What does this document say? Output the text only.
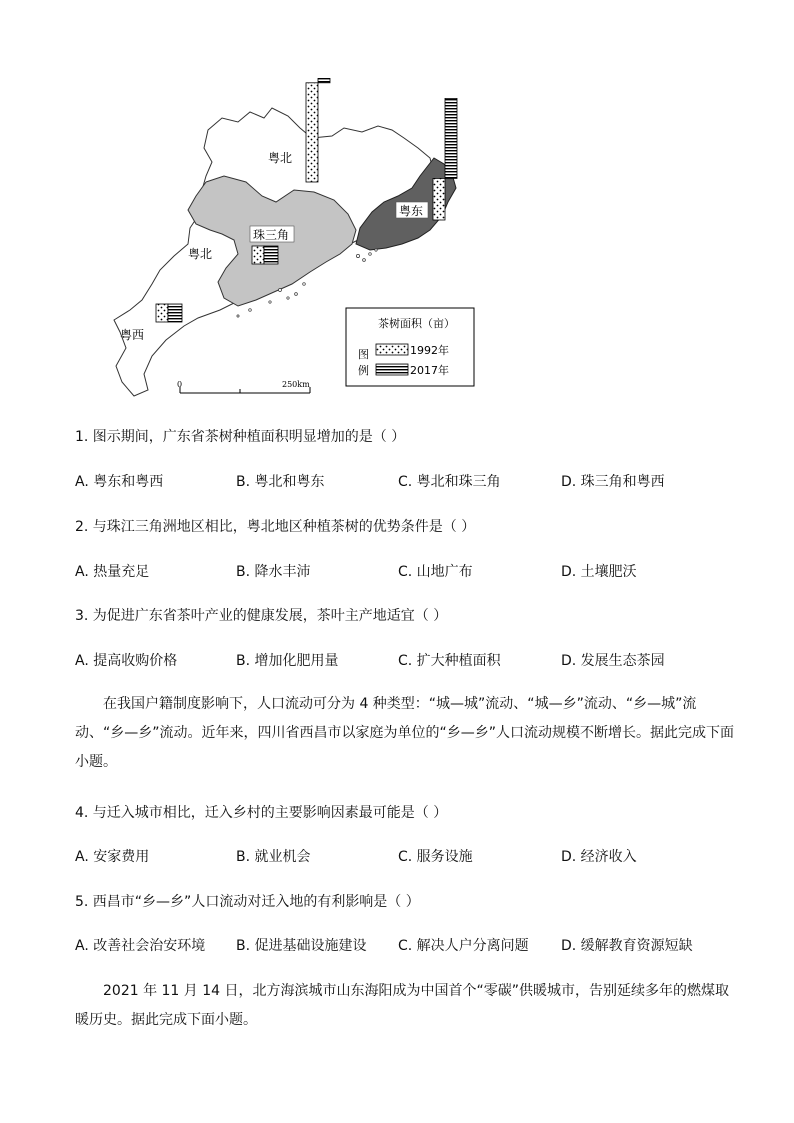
粤北
粤北
珠三角
粤东
粤西
0	250km
茶树面积（亩）
图
例
1992年
2017年
1. 图示期间，广东省茶树种植面积明显增加的是（ ）
A. 粤东和粤西	B. 粤北和粤东	C. 粤北和珠三角	D. 珠三角和粤西
2. 与珠江三角洲地区相比，粤北地区种植茶树的优势条件是（ ）
A. 热量充足	B. 降水丰沛	C. 山地广布	D. 土壤肥沃
3. 为促进广东省茶叶产业的健康发展，茶叶主产地适宜（ ）
A. 提高收购价格	B. 增加化肥用量	C. 扩大种植面积	D. 发展生态茶园
在我国户籍制度影响下，人口流动可分为 4 种类型：“城—城”流动、“城—乡”流动、“乡—城”流动、“乡—乡”流动。近年来，四川省西昌市以家庭为单位的“乡—乡”人口流动规模不断增长。据此完成下面小题。
4. 与迁入城市相比，迁入乡村的主要影响因素最可能是（ ）
A. 安家费用	B. 就业机会	C. 服务设施	D. 经济收入
5. 西昌市“乡—乡”人口流动对迁入地的有利影响是（ ）
A. 改善社会治安环境 B. 促进基础设施建设 C. 解决人户分离问题 D. 缓解教育资源短缺
2021 年 11 月 14 日，北方海滨城市山东海阳成为中国首个“零碳”供暖城市，告别延续多年的燃煤取暖历史。据此完成下面小题。
